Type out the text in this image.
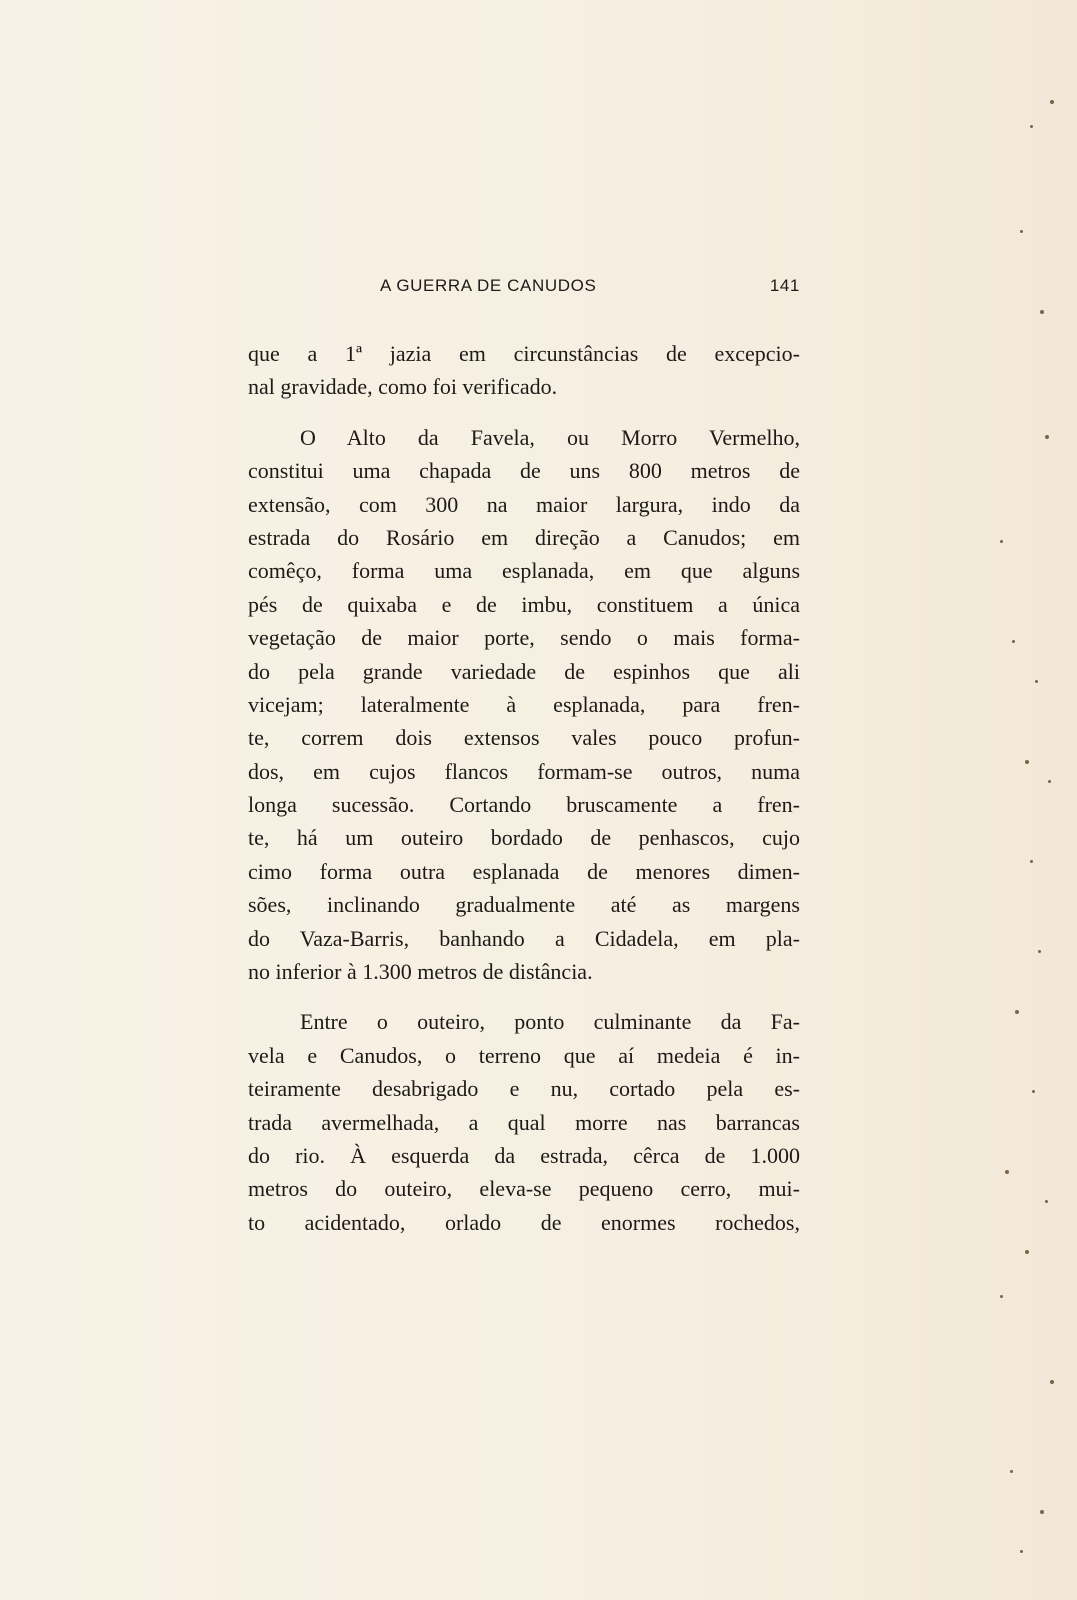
A GUERRA DE CANUDOS	141
que a 1ª jazia em circunstâncias de excepcio-
nal gravidade, como foi verificado.
O Alto da Favela, ou Morro Vermelho,
constitui uma chapada de uns 800 metros de
extensão, com 300 na maior largura, indo da
estrada do Rosário em direção a Canudos; em
comêço, forma uma esplanada, em que alguns
pés de quixaba e de imbu, constituem a única
vegetação de maior porte, sendo o mais forma-
do pela grande variedade de espinhos que ali
vicejam; lateralmente à esplanada, para fren-
te, correm dois extensos vales pouco profun-
dos, em cujos flancos formam-se outros, numa
longa sucessão. Cortando bruscamente a fren-
te, há um outeiro bordado de penhascos, cujo
cimo forma outra esplanada de menores dimen-
sões, inclinando gradualmente até as margens
do Vaza-Barris, banhando a Cidadela, em pla-
no inferior à 1.300 metros de distância.
Entre o outeiro, ponto culminante da Fa-
vela e Canudos, o terreno que aí medeia é in-
teiramente desabrigado e nu, cortado pela es-
trada avermelhada, a qual morre nas barrancas
do rio. À esquerda da estrada, cêrca de 1.000
metros do outeiro, eleva-se pequeno cerro, mui-
to acidentado, orlado de enormes rochedos,
